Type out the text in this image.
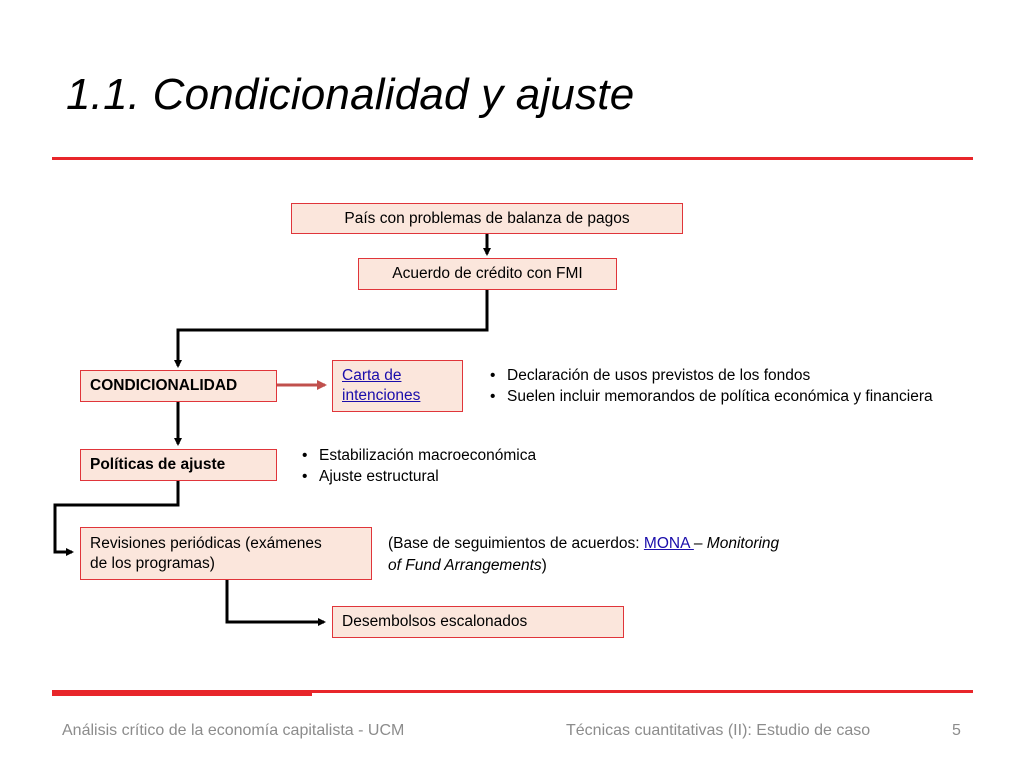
1.1. Condicionalidad y ajuste
País con problemas de balanza de pagos
Acuerdo de crédito con FMI
CONDICIONALIDAD
Carta de
intenciones
Políticas de ajuste
Revisiones periódicas (exámenes
de los programas)
Desembolsos escalonados
• Declaración de usos previstos de los fondos
• Suelen incluir memorandos de política económica y financiera
• Estabilización macroeconómica
• Ajuste estructural
(Base de seguimientos de acuerdos: MONA – Monitoring
of Fund Arrangements)
Análisis crítico de la economía capitalista - UCM	Técnicas cuantitativas (II): Estudio de caso	5
